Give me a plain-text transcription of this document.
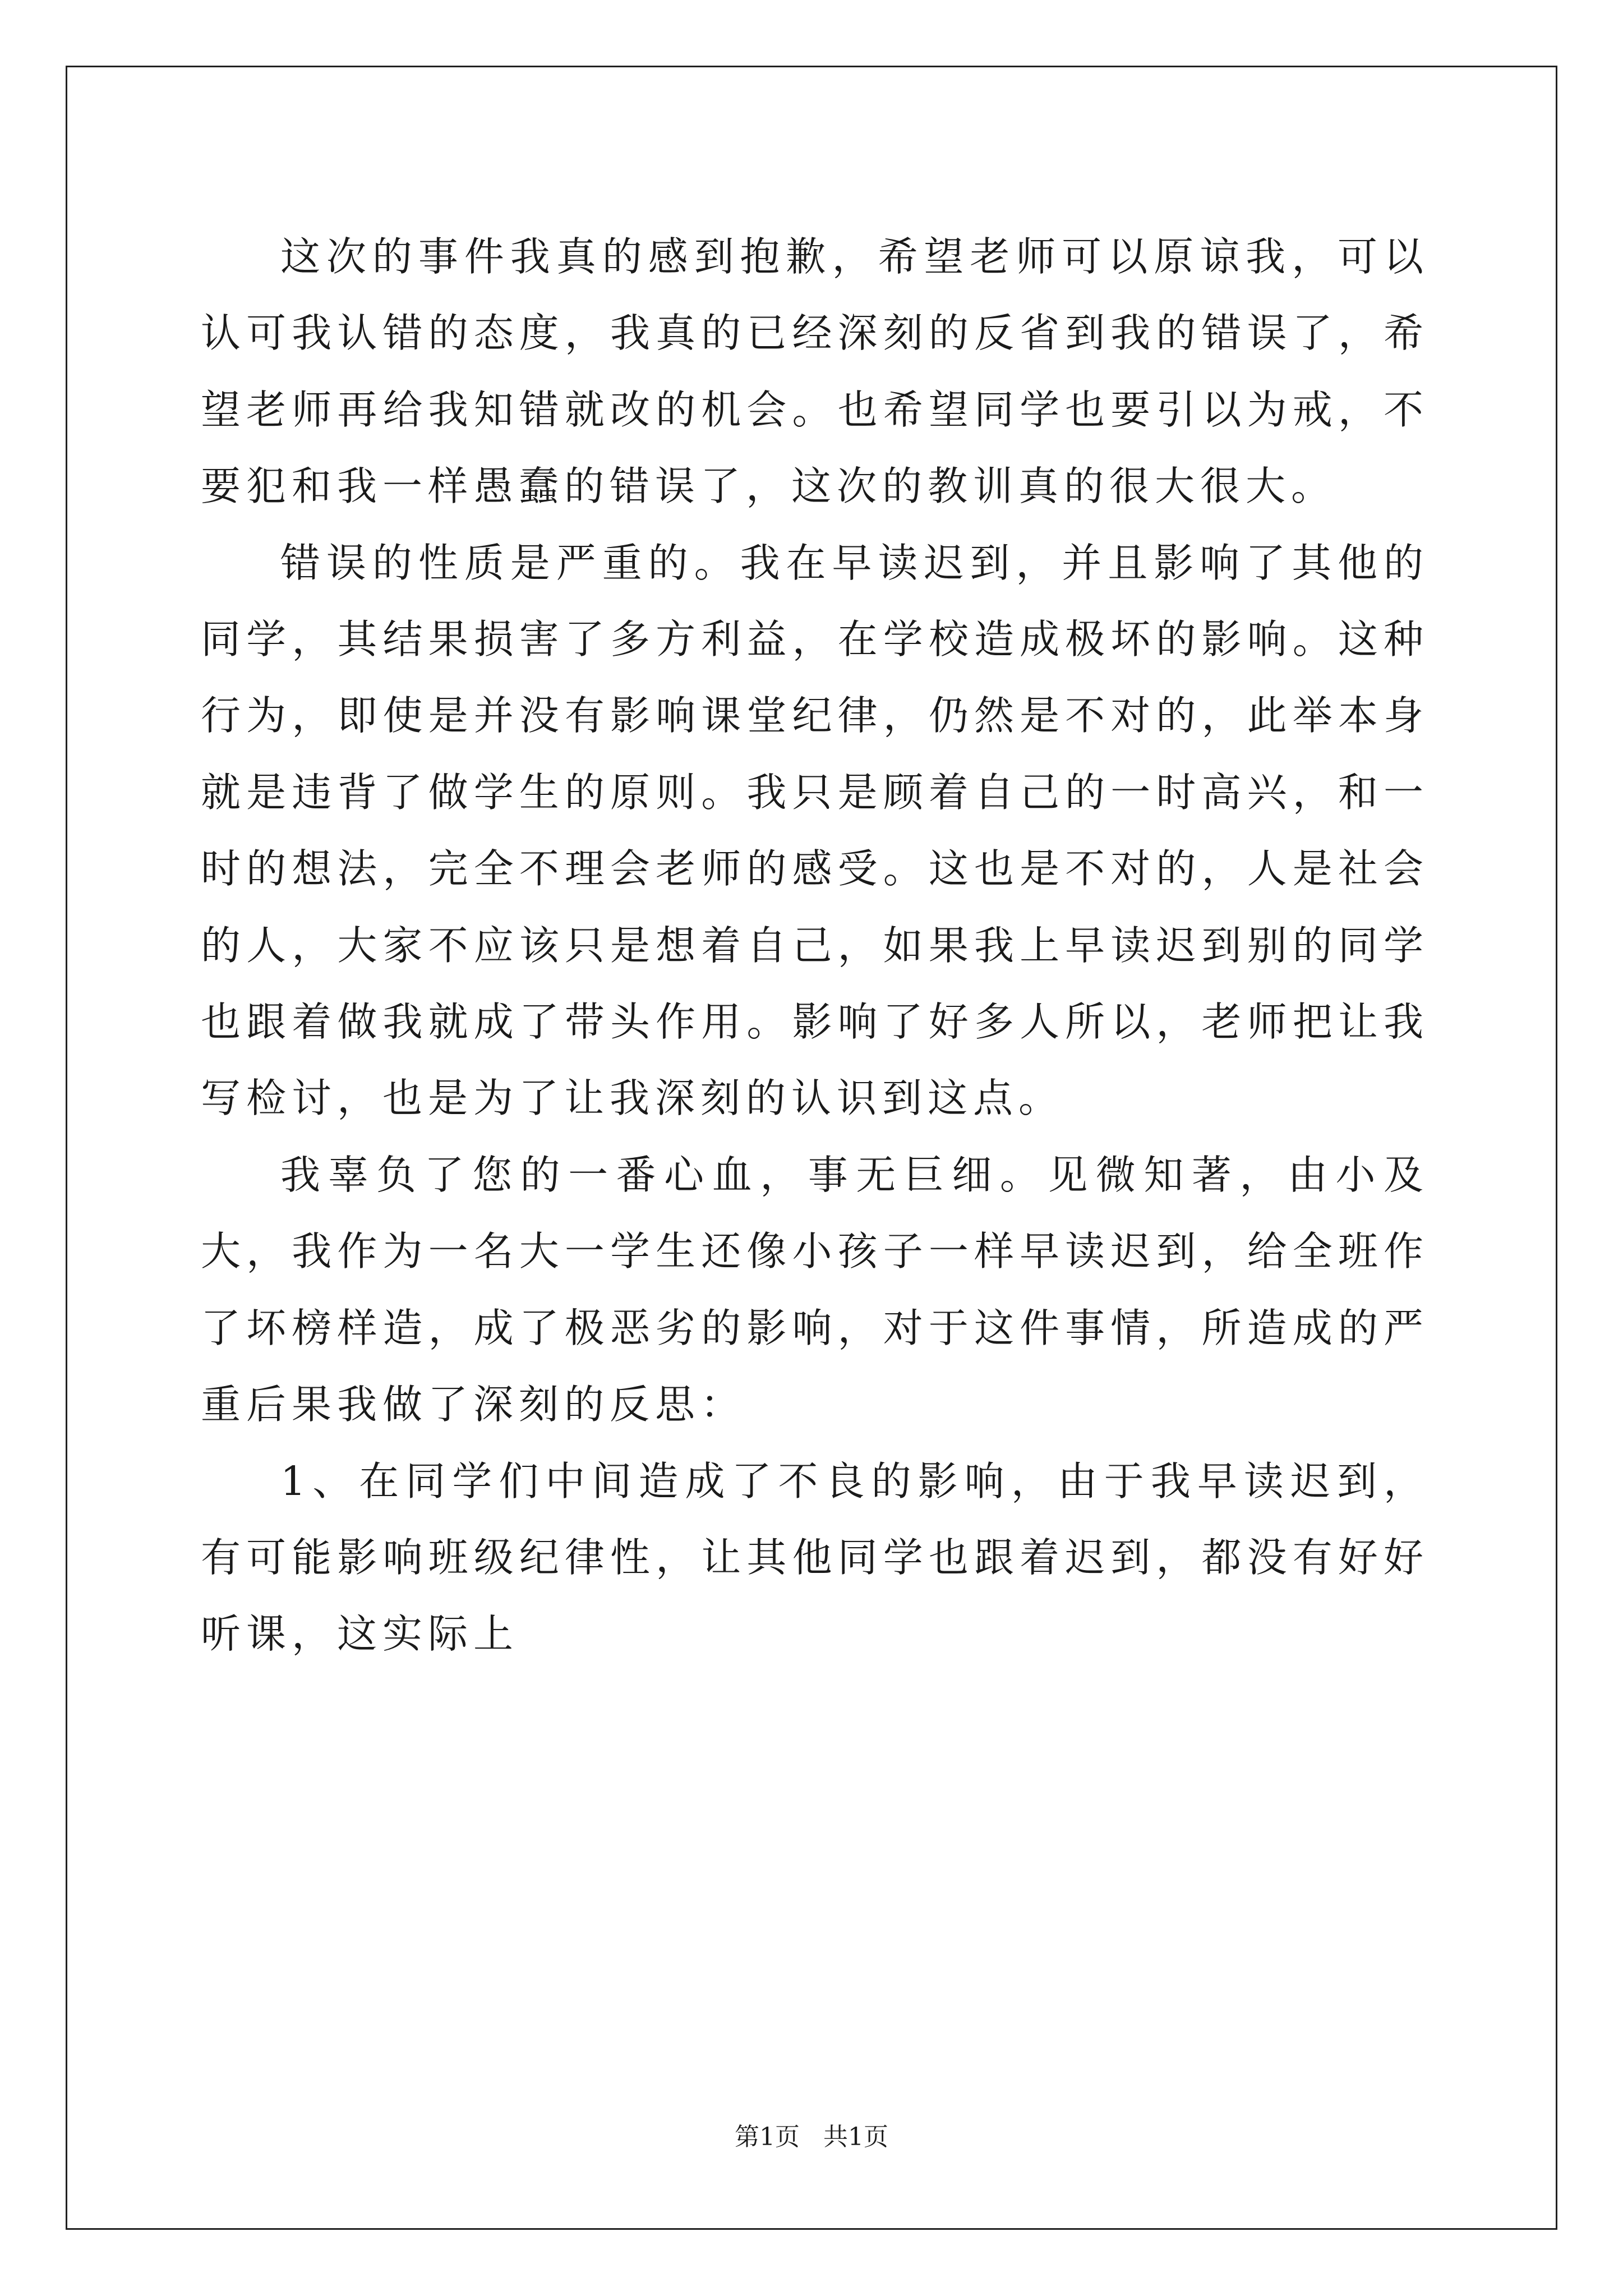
这次的事件我真的感到抱歉，希望老师可以原谅我，可以认可我认错的态度，我真的已经深刻的反省到我的错误了，希望老师再给我知错就改的机会。也希望同学也要引以为戒，不要犯和我一样愚蠢的错误了，这次的教训真的很大很大。

错误的性质是严重的。我在早读迟到，并且影响了其他的同学，其结果损害了多方利益，在学校造成极坏的影响。这种行为，即使是并没有影响课堂纪律，仍然是不对的，此举本身就是违背了做学生的原则。我只是顾着自己的一时高兴，和一时的想法，完全不理会老师的感受。这也是不对的，人是社会的人，大家不应该只是想着自己，如果我上早读迟到别的同学也跟着做我就成了带头作用。影响了好多人所以，老师把让我写检讨，也是为了让我深刻的认识到这点。

我辜负了您的一番心血，事无巨细。见微知著，由小及大，我作为一名大一学生还像小孩子一样早读迟到，给全班作了坏榜样造，成了极恶劣的影响，对于这件事情，所造成的严重后果我做了深刻的反思：

1、在同学们中间造成了不良的影响，由于我早读迟到，有可能影响班级纪律性，让其他同学也跟着迟到，都没有好好听课，这实际上

第1页 共1页
